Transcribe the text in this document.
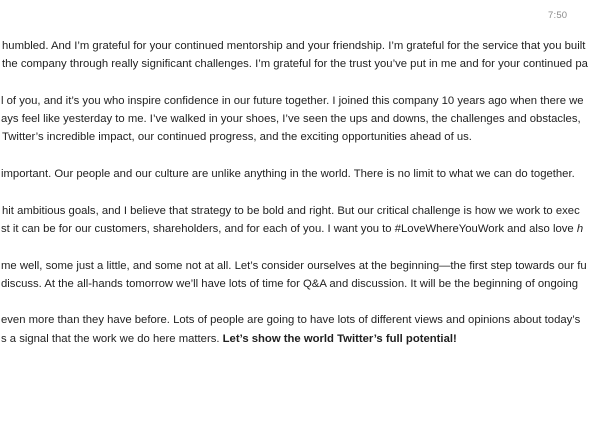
7:50

humbled. And I’m grateful for your continued mentorship and your friendship. I’m grateful for the service that you built

the company through really significant challenges. I’m grateful for the trust you’ve put in me and for your continued pa

l of you, and it’s you who inspire confidence in our future together. I joined this company 10 years ago when there we

ays feel like yesterday to me. I’ve walked in your shoes, I’ve seen the ups and downs, the challenges and obstacles,

Twitter’s incredible impact, our continued progress, and the exciting opportunities ahead of us.

important. Our people and our culture are unlike anything in the world. There is no limit to what we can do together.

hit ambitious goals, and I believe that strategy to be bold and right. But our critical challenge is how we work to exec

st it can be for our customers, shareholders, and for each of you. I want you to #LoveWhereYouWork and also love h

me well, some just a little, and some not at all. Let’s consider ourselves at the beginning—the first step towards our fu

discuss. At the all-hands tomorrow we’ll have lots of time for Q&A and discussion. It will be the beginning of ongoing

even more than they have before. Lots of people are going to have lots of different views and opinions about today’s

s a signal that the work we do here matters. Let’s show the world Twitter’s full potential!
